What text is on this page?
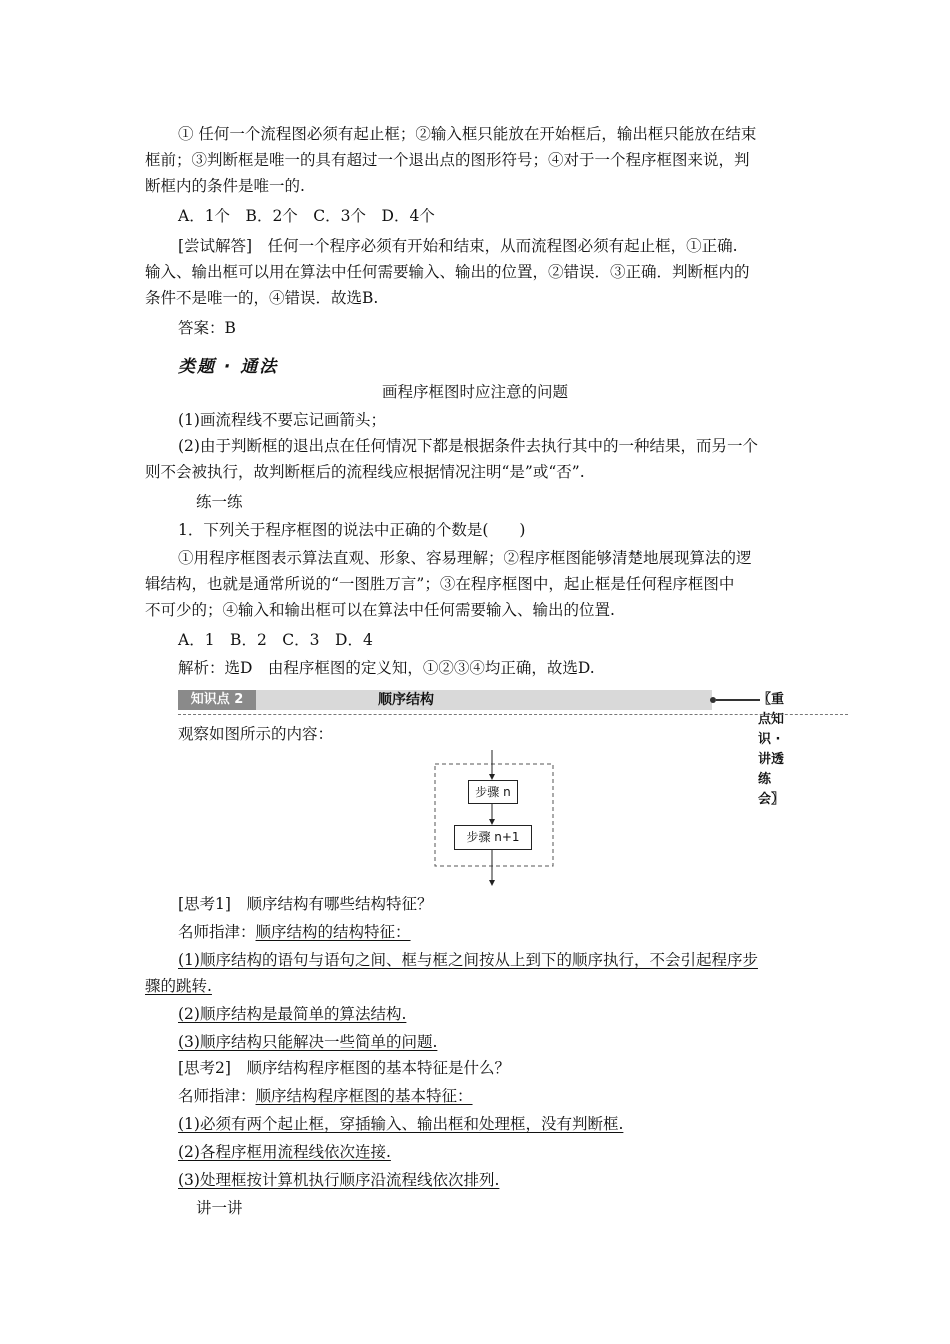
① 任何一个流程图必须有起止框；②输入框只能放在开始框后，输出框只能放在结束
框前；③判断框是唯一的具有超过一个退出点的图形符号；④对于一个程序框图来说，判
断框内的条件是唯一的.
A．1个　B．2个　C．3个　D．4个
[尝试解答]　任何一个程序必须有开始和结束，从而流程图必须有起止框，①正确.
输入、输出框可以用在算法中任何需要输入、输出的位置，②错误．③正确．判断框内的
条件不是唯一的，④错误．故选B.
答案：B
类题 · 通法
画程序框图时应注意的问题
(1)画流程线不要忘记画箭头；
(2)由于判断框的退出点在任何情况下都是根据条件去执行其中的一种结果，而另一个
则不会被执行，故判断框后的流程线应根据情况注明“是”或“否”.
练一练
1．下列关于程序框图的说法中正确的个数是(　　)
①用程序框图表示算法直观、形象、容易理解；②程序框图能够清楚地展现算法的逻
辑结构，也就是通常所说的“一图胜万言”；③在程序框图中，起止框是任何程序框图中
不可少的；④输入和输出框可以在算法中任何需要输入、输出的位置.
A．1　B．2　C．3　D．4
解析：选D　由程序框图的定义知，①②③④均正确，故选D.
知识点 2	顺序结构	〖重点知识 · 讲透练会〗
观察如图所示的内容：
步骤 n
步骤 n+1
[思考1]　顺序结构有哪些结构特征？
名师指津：顺序结构的结构特征：
(1)顺序结构的语句与语句之间、框与框之间按从上到下的顺序执行，不会引起程序步
骤的跳转.
(2)顺序结构是最简单的算法结构.
(3)顺序结构只能解决一些简单的问题.
[思考2]　顺序结构程序框图的基本特征是什么？
名师指津：顺序结构程序框图的基本特征：
(1)必须有两个起止框，穿插输入、输出框和处理框，没有判断框.
(2)各程序框用流程线依次连接.
(3)处理框按计算机执行顺序沿流程线依次排列.
讲一讲
